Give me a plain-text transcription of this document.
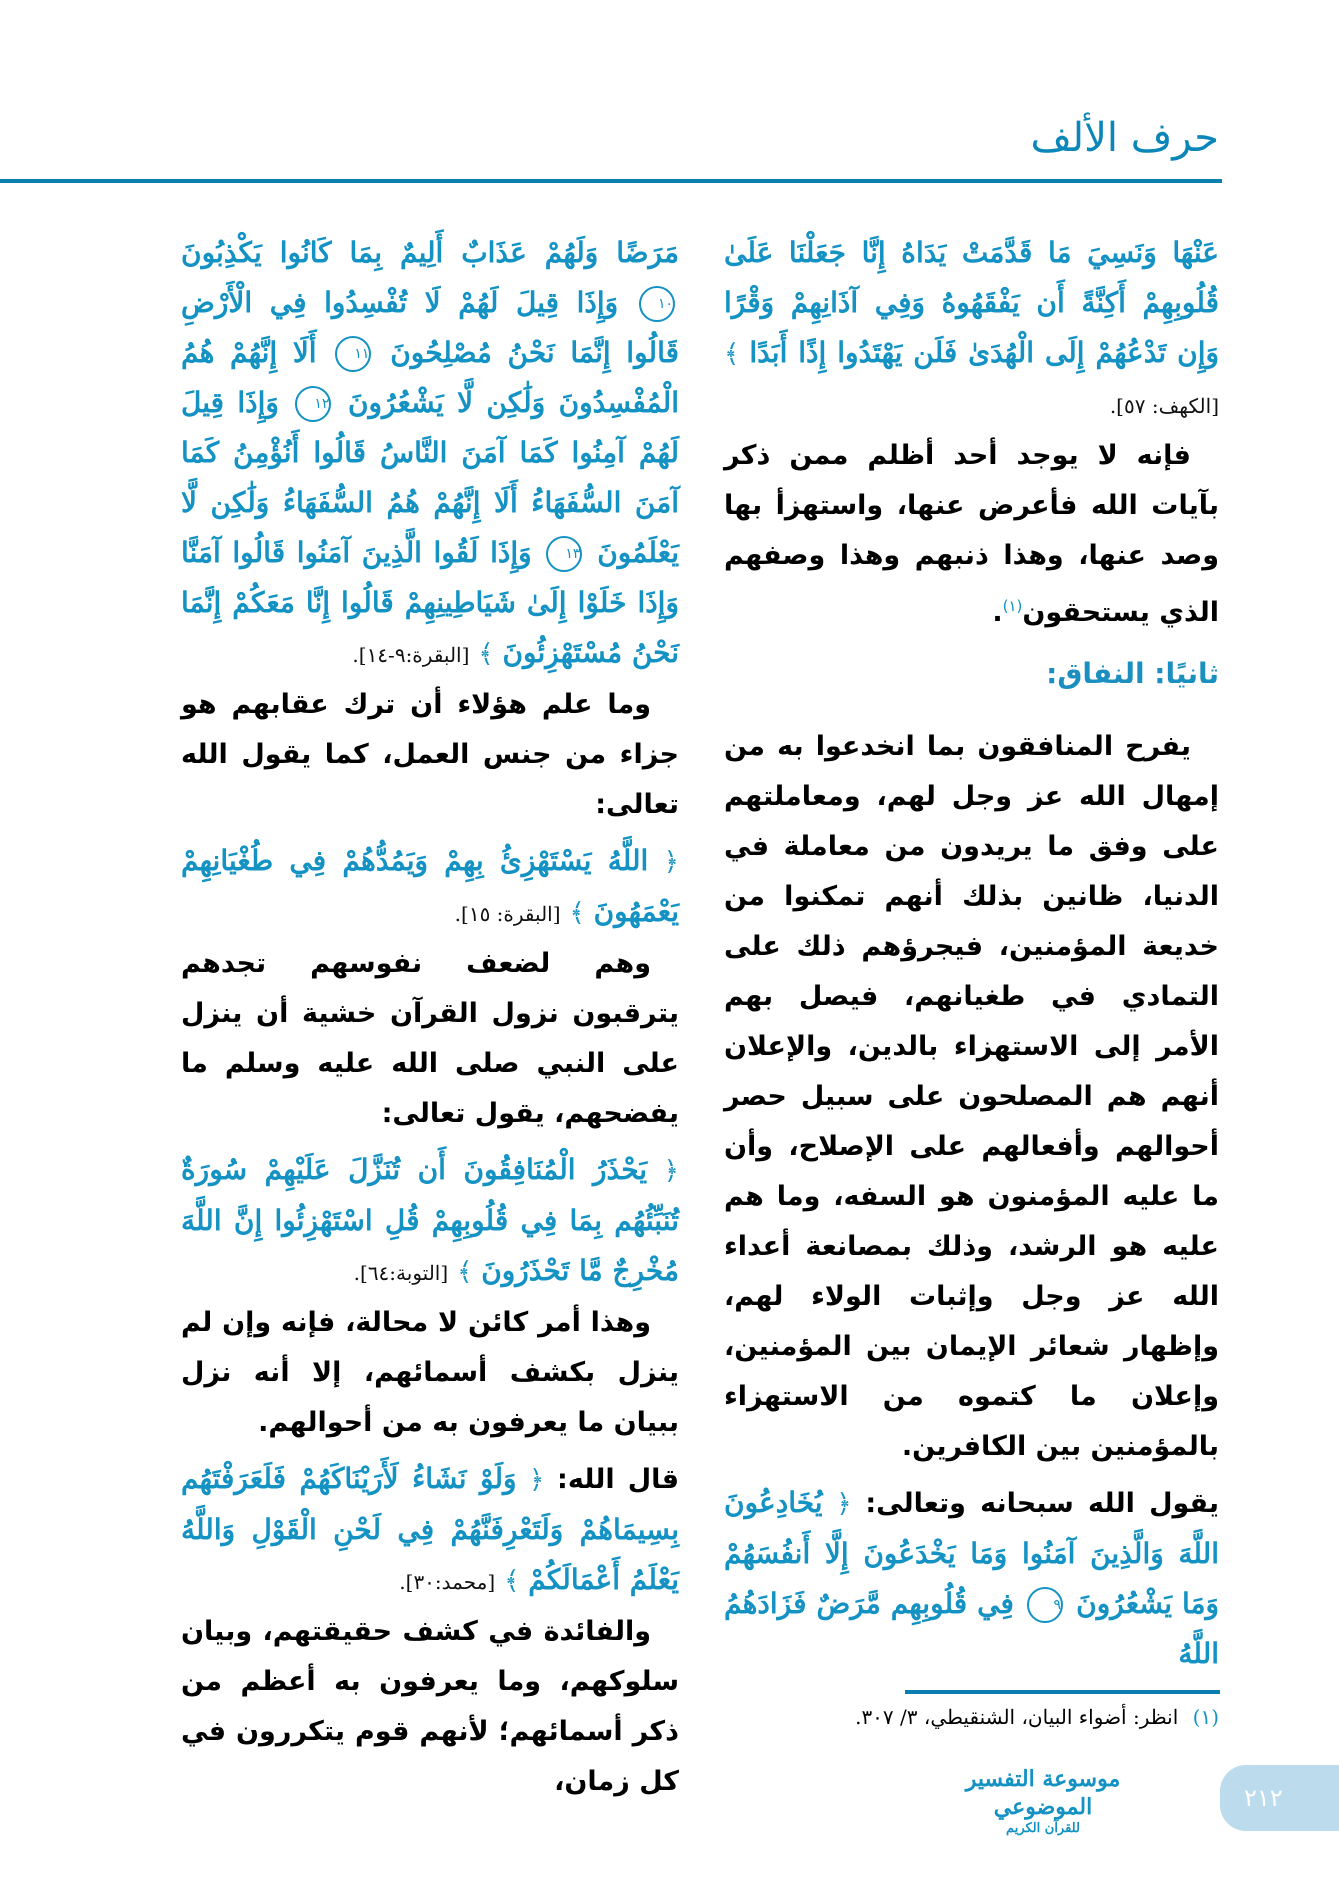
حرف الألف

عَنْهَا وَنَسِيَ مَا قَدَّمَتْ يَدَاهُ إِنَّا جَعَلْنَا عَلَىٰ قُلُوبِهِمْ أَكِنَّةً أَن يَفْقَهُوهُ وَفِي آذَانِهِمْ وَقْرًا وَإِن تَدْعُهُمْ إِلَى الْهُدَىٰ فَلَن يَهْتَدُوا إِذًا أَبَدًا ﴾ [الكهف: ٥٧].

فإنه لا يوجد أحد أظلم ممن ذكر بآيات الله فأعرض عنها، واستهزأ بها وصد عنها، وهذا ذنبهم وهذا وصفهم الذي يستحقون$^{(١)}$.

ثانيًا: النفاق:

يفرح المنافقون بما انخدعوا به من إمهال الله عز وجل لهم، ومعاملتهم على وفق ما يريدون من معاملة في الدنيا، ظانين بذلك أنهم تمكنوا من خديعة المؤمنين، فيجرؤهم ذلك على التمادي في طغيانهم، فيصل بهم الأمر إلى الاستهزاء بالدين، والإعلان أنهم هم المصلحون على سبيل حصر أحوالهم وأفعالهم على الإصلاح، وأن ما عليه المؤمنون هو السفه، وما هم عليه هو الرشد، وذلك بمصانعة أعداء الله عز وجل وإثبات الولاء لهم، وإظهار شعائر الإيمان بين المؤمنين، وإعلان ما كتموه من الاستهزاء بالمؤمنين بين الكافرين.

يقول الله سبحانه وتعالى: ﴿ يُخَادِعُونَ اللَّهَ وَالَّذِينَ آمَنُوا وَمَا يَخْدَعُونَ إِلَّا أَنفُسَهُمْ وَمَا يَشْعُرُونَ ٩ فِي قُلُوبِهِم مَّرَضٌ فَزَادَهُمُ اللَّهُ

مَرَضًا وَلَهُمْ عَذَابٌ أَلِيمٌ بِمَا كَانُوا يَكْذِبُونَ ١٠ وَإِذَا قِيلَ لَهُمْ لَا تُفْسِدُوا فِي الْأَرْضِ قَالُوا إِنَّمَا نَحْنُ مُصْلِحُونَ ١١ أَلَا إِنَّهُمْ هُمُ الْمُفْسِدُونَ وَلَٰكِن لَّا يَشْعُرُونَ ١٢ وَإِذَا قِيلَ لَهُمْ آمِنُوا كَمَا آمَنَ النَّاسُ قَالُوا أَنُؤْمِنُ كَمَا آمَنَ السُّفَهَاءُ أَلَا إِنَّهُمْ هُمُ السُّفَهَاءُ وَلَٰكِن لَّا يَعْلَمُونَ ١٣ وَإِذَا لَقُوا الَّذِينَ آمَنُوا قَالُوا آمَنَّا وَإِذَا خَلَوْا إِلَىٰ شَيَاطِينِهِمْ قَالُوا إِنَّا مَعَكُمْ إِنَّمَا نَحْنُ مُسْتَهْزِئُونَ ﴾ [البقرة:٩-١٤].

وما علم هؤلاء أن ترك عقابهم هو جزاء من جنس العمل، كما يقول الله تعالى:

﴿ اللَّهُ يَسْتَهْزِئُ بِهِمْ وَيَمُدُّهُمْ فِي طُغْيَانِهِمْ يَعْمَهُونَ ﴾ [البقرة: ١٥].

وهم لضعف نفوسهم تجدهم يترقبون نزول القرآن خشية أن ينزل على النبي صلى الله عليه وسلم ما يفضحهم، يقول تعالى:

﴿ يَحْذَرُ الْمُنَافِقُونَ أَن تُنَزَّلَ عَلَيْهِمْ سُورَةٌ تُنَبِّئُهُم بِمَا فِي قُلُوبِهِمْ قُلِ اسْتَهْزِئُوا إِنَّ اللَّهَ مُخْرِجٌ مَّا تَحْذَرُونَ ﴾ [التوبة:٦٤].

وهذا أمر كائن لا محالة، فإنه وإن لم ينزل بكشف أسمائهم، إلا أنه نزل ببيان ما يعرفون به من أحوالهم.

قال الله: ﴿ وَلَوْ نَشَاءُ لَأَرَيْنَاكَهُمْ فَلَعَرَفْتَهُم بِسِيمَاهُمْ وَلَتَعْرِفَنَّهُمْ فِي لَحْنِ الْقَوْلِ وَاللَّهُ يَعْلَمُ أَعْمَالَكُمْ ﴾ [محمد:٣٠].

والفائدة في كشف حقيقتهم، وبيان سلوكهم، وما يعرفون به أعظم من ذكر أسمائهم؛ لأنهم قوم يتكررون في كل زمان،

(١) انظر: أضواء البيان، الشنقيطي، ٣/ ٣٠٧.
موسوعة التفسير الموضوعي
للقرآن الكريم
٢١٢
